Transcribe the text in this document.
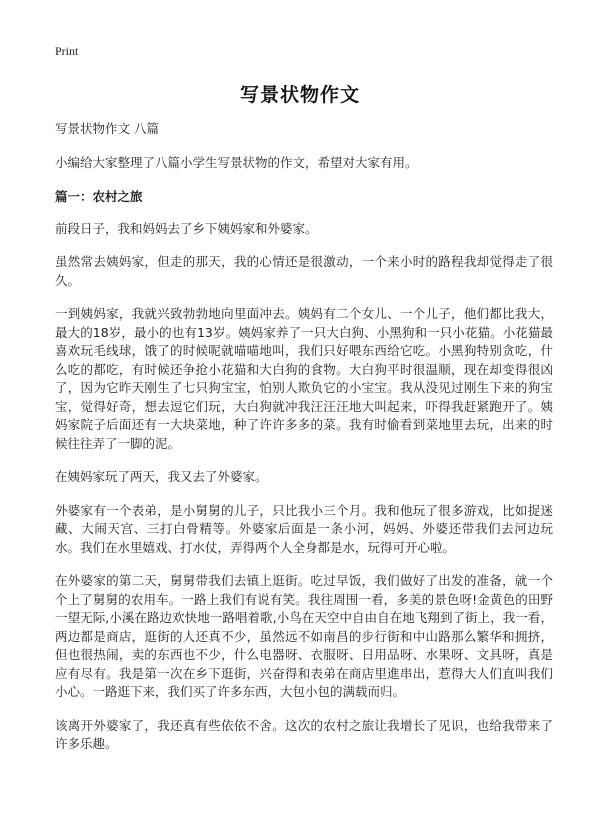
Print
写景状物作文
写景状物作文 八篇

小编给大家整理了八篇小学生写景状物的作文，希望对大家有用。

篇一：农村之旅

前段日子，我和妈妈去了乡下姨妈家和外婆家。

虽然常去姨妈家，但走的那天，我的心情还是很激动，一个来小时的路程我却觉得走了很久。

一到姨妈家，我就兴致勃勃地向里面冲去。姨妈有二个女儿、一个儿子，他们都比我大，最大的18岁，最小的也有13岁。姨妈家养了一只大白狗、小黑狗和一只小花猫。小花猫最喜欢玩毛线球，饿了的时候呢就喵喵地叫，我们只好喂东西给它吃。小黑狗特别贪吃，什么吃的都吃，有时候还争抢小花猫和大白狗的食物。大白狗平时很温顺，现在却变得很凶了，因为它昨天刚生了七只狗宝宝，怕别人欺负它的小宝宝。我从没见过刚生下来的狗宝宝，觉得好奇，想去逗它们玩，大白狗就冲我汪汪汪地大叫起来，吓得我赶紧跑开了。姨妈家院子后面还有一大块菜地，种了许许多多的菜。我有时偷看到菜地里去玩，出来的时候往往弄了一脚的泥。

在姨妈家玩了两天，我又去了外婆家。

外婆家有一个表弟，是小舅舅的儿子，只比我小三个月。我和他玩了很多游戏，比如捉迷藏、大闹天宫、三打白骨精等。外婆家后面是一条小河，妈妈、外婆还带我们去河边玩水。我们在水里嬉戏、打水仗，弄得两个人全身都是水，玩得可开心啦。

在外婆家的第二天，舅舅带我们去镇上逛街。吃过早饭，我们做好了出发的准备，就一个个上了舅舅的农用车。一路上我们有说有笑。我往周围一看，多美的景色呀!金黄色的田野一望无际,小溪在路边欢快地一路唱着歌,小鸟在天空中自由自在地飞翔到了街上，我一看，两边都是商店，逛街的人还真不少，虽然远不如南昌的步行街和中山路那么繁华和拥挤，但也很热闹，卖的东西也不少，什么电器呀、衣服呀、日用品呀、水果呀、文具呀，真是应有尽有。我是第一次在乡下逛街，兴奋得和表弟在商店里進串出，惹得大人们直叫我们小心。一路逛下来，我们买了许多东西，大包小包的满载而归。

该离开外婆家了，我还真有些依依不舍。这次的农村之旅让我增长了见识，也给我带来了许多乐趣。
